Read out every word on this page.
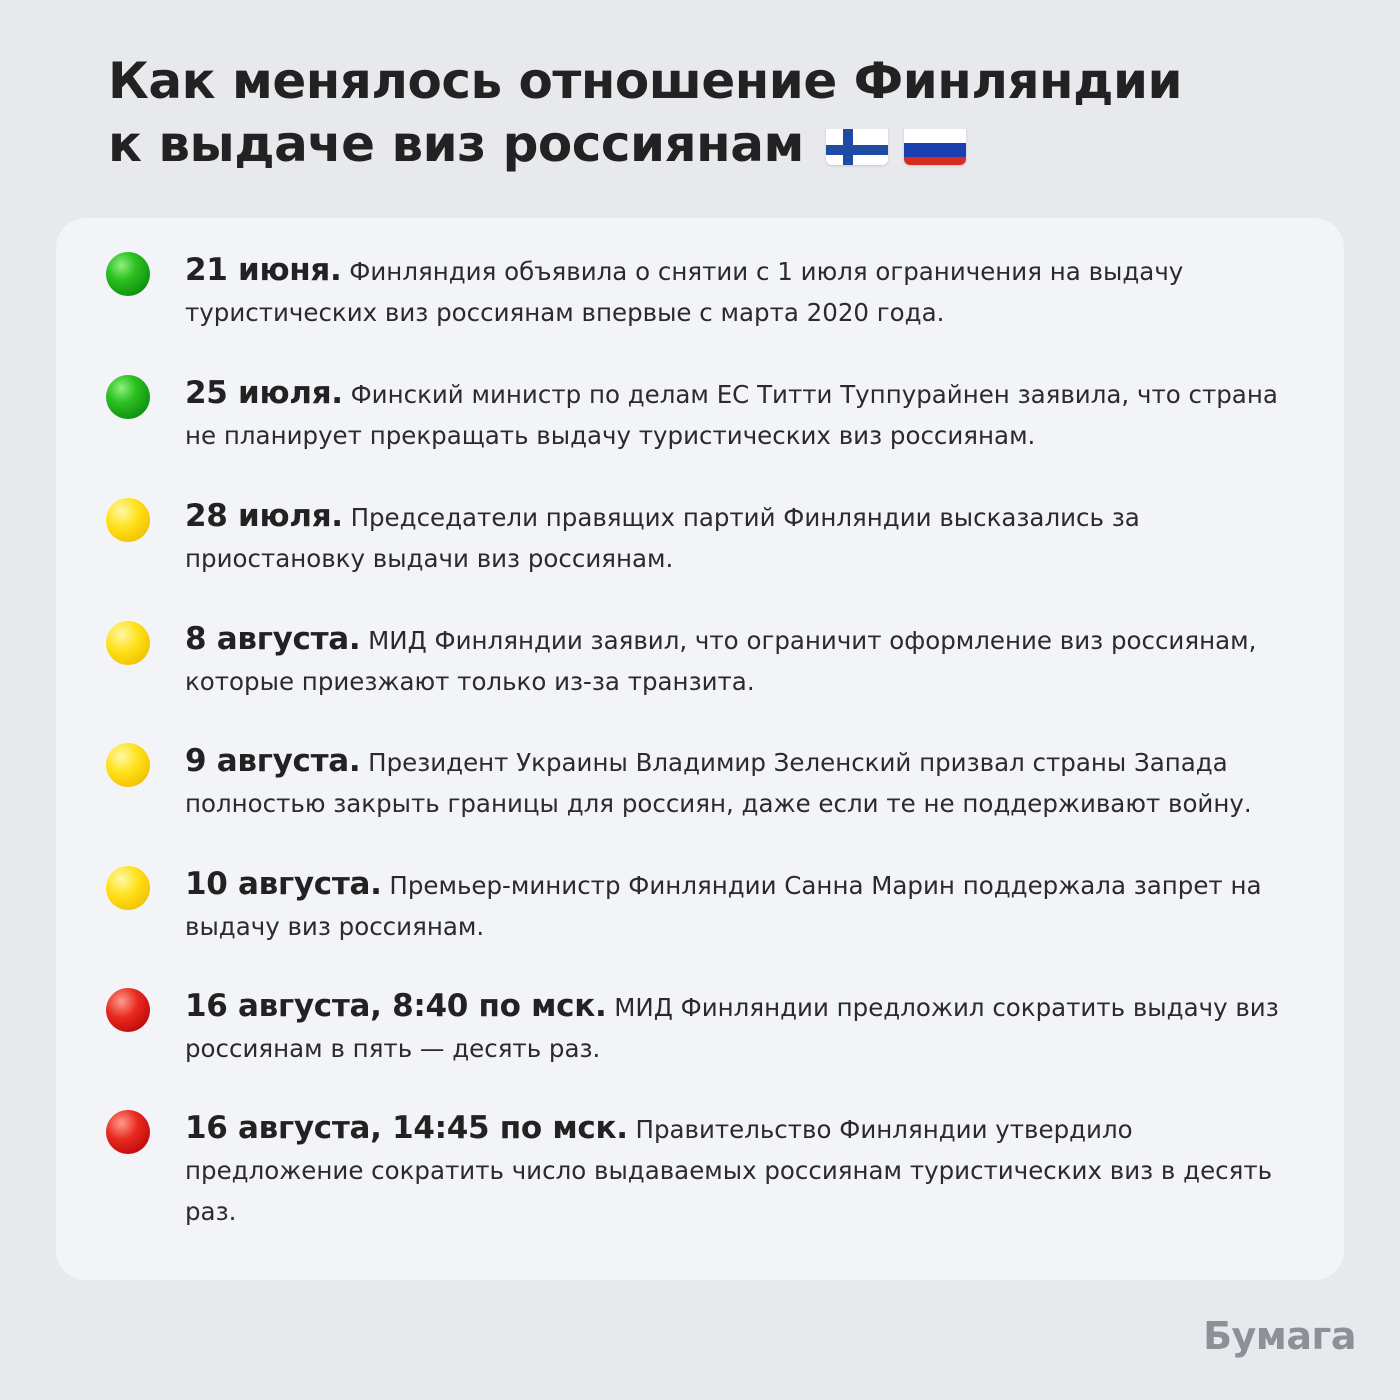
Как менялось отношение Финляндии
к выдаче виз россиянам

21 июня. Финляндия объявила о снятии с 1 июля ограничения на выдачу туристических виз россиянам впервые с марта 2020 года.

25 июля. Финский министр по делам ЕС Титти Туппурайнен заявила, что страна не планирует прекращать выдачу туристических виз россиянам.

28 июля. Председатели правящих партий Финляндии высказались за приостановку выдачи виз россиянам.

8 августа. МИД Финляндии заявил, что ограничит оформление виз россиянам, которые приезжают только из-за транзита.

9 августа. Президент Украины Владимир Зеленский призвал страны Запада полностью закрыть границы для россиян, даже если те не поддерживают войну.

10 августа. Премьер-министр Финляндии Санна Марин поддержала запрет на выдачу виз россиянам.

16 августа, 8:40 по мск. МИД Финляндии предложил сократить выдачу виз россиянам в пять — десять раз.

16 августа, 14:45 по мск. Правительство Финляндии утвердило предложение сократить число выдаваемых россиянам туристических виз в десять раз.

Бумага
